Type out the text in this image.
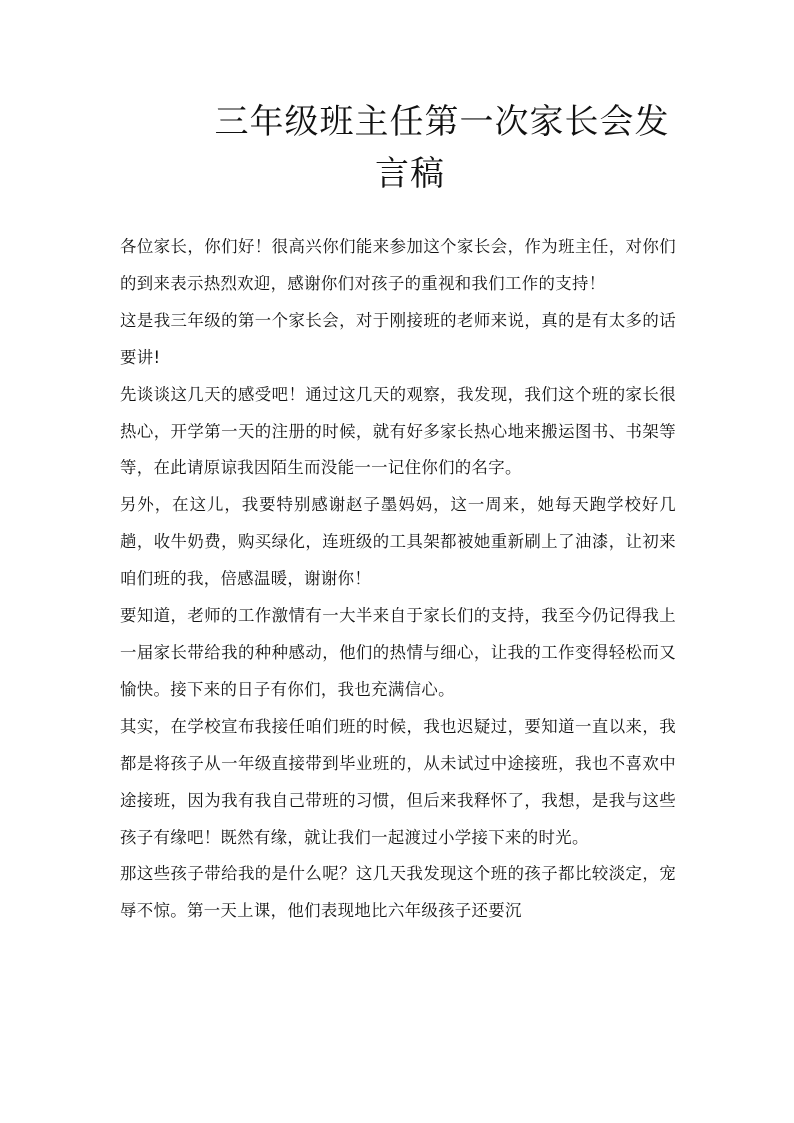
三年级班主任第一次家长会发
言稿

各位家长，你们好！很高兴你们能来参加这个家长会，作为班主任，对你们的到来表示热烈欢迎，感谢你们对孩子的重视和我们工作的支持！

这是我三年级的第一个家长会，对于刚接班的老师来说，真的是有太多的话要讲!

先谈谈这几天的感受吧！通过这几天的观察，我发现，我们这个班的家长很热心，开学第一天的注册的时候，就有好多家长热心地来搬运图书、书架等等，在此请原谅我因陌生而没能一一记住你们的名字。

另外，在这儿，我要特别感谢赵子墨妈妈，这一周来，她每天跑学校好几趟，收牛奶费，购买绿化，连班级的工具架都被她重新刷上了油漆，让初来咱们班的我，倍感温暖，谢谢你！

要知道，老师的工作激情有一大半来自于家长们的支持，我至今仍记得我上一届家长带给我的种种感动，他们的热情与细心，让我的工作变得轻松而又愉快。接下来的日子有你们，我也充满信心。

其实，在学校宣布我接任咱们班的时候，我也迟疑过，要知道一直以来，我都是将孩子从一年级直接带到毕业班的，从未试过中途接班，我也不喜欢中途接班，因为我有我自己带班的习惯，但后来我释怀了，我想，是我与这些孩子有缘吧！既然有缘，就让我们一起渡过小学接下来的时光。

那这些孩子带给我的是什么呢？这几天我发现这个班的孩子都比较淡定，宠辱不惊。第一天上课，他们表现地比六年级孩子还要沉
